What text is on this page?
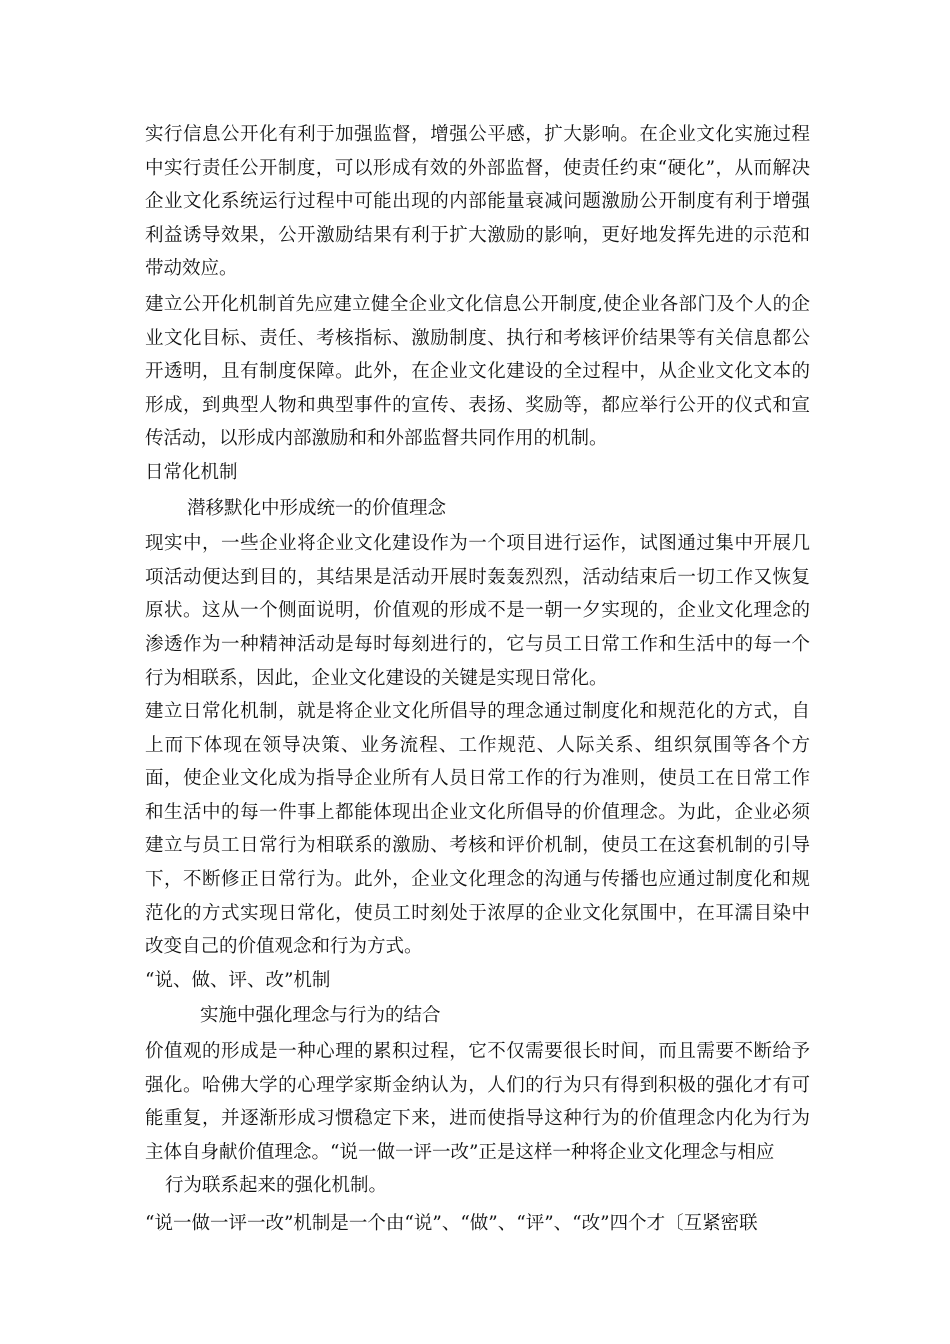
实行信息公开化有利于加强监督，增强公平感，扩大影响。在企业文化实施过程中实行责任公开制度，可以形成有效的外部监督，使责任约束“硬化”，从而解决企业文化系统运行过程中可能出现的内部能量衰减问题激励公开制度有利于增强利益诱导效果，公开激励结果有利于扩大激励的影响，更好地发挥先进的示范和带动效应。

建立公开化机制首先应建立健全企业文化信息公开制度,使企业各部门及个人的企业文化目标、责任、考核指标、激励制度、执行和考核评价结果等有关信息都公开透明，且有制度保障。此外，在企业文化建设的全过程中，从企业文化文本的形成，到典型人物和典型事件的宣传、表扬、奖励等，都应举行公开的仪式和宣传活动，以形成内部激励和和外部监督共同作用的机制。

日常化机制

潜移默化中形成统一的价值理念

现实中，一些企业将企业文化建设作为一个项目进行运作，试图通过集中开展几项活动便达到目的，其结果是活动开展时轰轰烈烈，活动结束后一切工作又恢复原状。这从一个侧面说明，价值观的形成不是一朝一夕实现的，企业文化理念的渗透作为一种精神活动是每时每刻进行的，它与员工日常工作和生活中的每一个行为相联系，因此，企业文化建设的关键是实现日常化。

建立日常化机制，就是将企业文化所倡导的理念通过制度化和规范化的方式，自上而下体现在领导决策、业务流程、工作规范、人际关系、组织氛围等各个方面，使企业文化成为指导企业所有人员日常工作的行为准则，使员工在日常工作和生活中的每一件事上都能体现出企业文化所倡导的价值理念。为此，企业必须建立与员工日常行为相联系的激励、考核和评价机制，使员工在这套机制的引导下，不断修正日常行为。此外，企业文化理念的沟通与传播也应通过制度化和规范化的方式实现日常化，使员工时刻处于浓厚的企业文化氛围中，在耳濡目染中改变自己的价值观念和行为方式。

“说、做、评、改”机制

实施中强化理念与行为的结合

价值观的形成是一种心理的累积过程，它不仅需要很长时间，而且需要不断给予强化。哈佛大学的心理学家斯金纳认为，人们的行为只有得到积极的强化才有可能重复，并逐渐形成习惯稳定下来，进而使指导这种行为的价值理念内化为行为主体自身献价值理念。“说一做一评一改”正是这样一种将企业文化理念与相应

行为联系起来的强化机制。

“说一做一评一改”机制是一个由“说”、“做”、“评”、“改”四个才〔互紧密联
